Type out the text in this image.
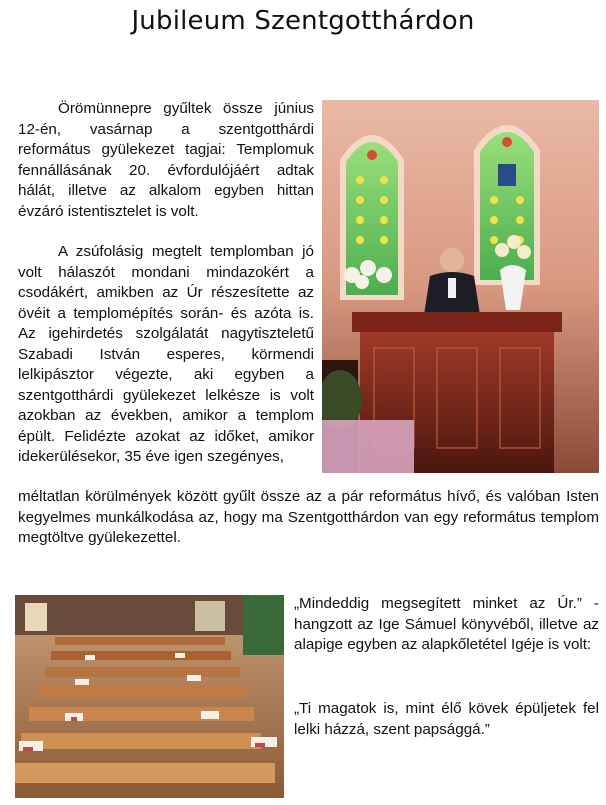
Jubileum Szentgotthárdon

Örömünnepre gyűltek össze június 12-én, vasárnap a szentgotthárdi református gyülekezet tagjai: Templomuk fennállásának 20. évfordulójáért adtak hálát, illetve az alkalom egyben hittan évzáró istentisztelet is volt.

A zsúfolásig megtelt templomban jó volt hálaszót mondani mindazokért a csodákért, amikben az Úr részesítette az övéit a templomépítés során- és azóta is. Az igehirdetés szolgálatát nagytiszteletű Szabadi István esperes, körmendi lelkipásztor végezte, aki egyben a szentgotthárdi gyülekezet lelkésze is volt azokban az években, amikor a templom épült. Felidézte azokat az időket, amikor idekerülésekor, 35 éve igen szegényes,

méltatlan körülmények között gyűlt össze az a pár református hívő, és valóban Isten kegyelmes munkálkodása az, hogy ma Szentgotthárdon van egy református templom megtöltve gyülekezettel.

„Mindeddig megsegített minket az Úr.” -hangzott az Ige Sámuel könyvéből, illetve az alapige egyben az alapkőletétel Igéje is volt:

„Ti magatok is, mint élő kövek épüljetek fel lelki házzá, szent papsággá.”
